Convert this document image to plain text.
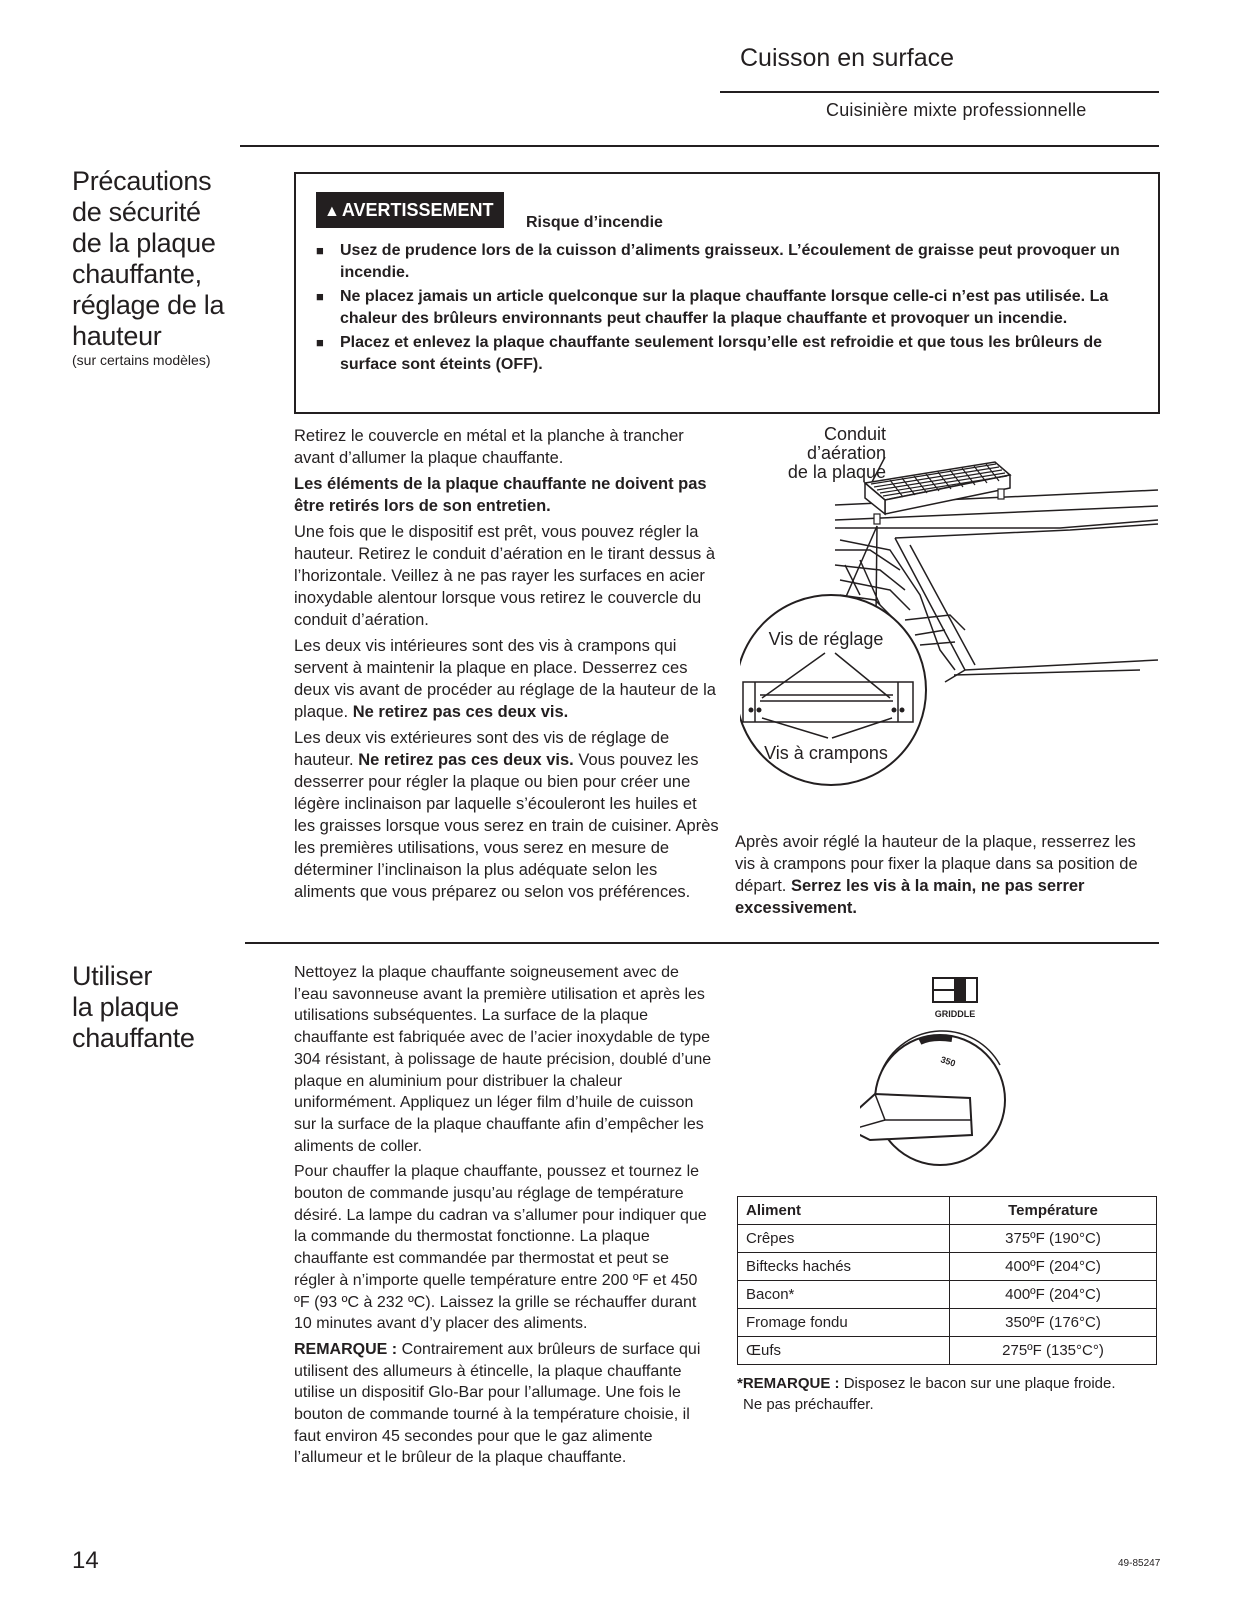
Cuisson en surface
Cuisinière mixte professionnelle
Précautions
de sécurité
de la plaque
chauffante,
réglage de la
hauteur
(sur certains modèles)
▲ AVERTISSEMENT
Risque d’incendie
■ Usez de prudence lors de la cuisson d’aliments graisseux. L’écoulement de graisse peut provoquer un incendie.
■ Ne placez jamais un article quelconque sur la plaque chauffante lorsque celle-ci n’est pas utilisée. La chaleur des brûleurs environnants peut chauffer la plaque chauffante et provoquer un incendie.
■ Placez et enlevez la plaque chauffante seulement lorsqu’elle est refroidie et que tous les brûleurs de surface sont éteints (OFF).

Retirez le couvercle en métal et la planche à trancher avant d’allumer la plaque chauffante.

Les éléments de la plaque chauffante ne doivent pas être retirés lors de son entretien.

Une fois que le dispositif est prêt, vous pouvez régler la hauteur. Retirez le conduit d’aération en le tirant dessus à l’horizontale. Veillez à ne pas rayer les surfaces en acier inoxydable alentour lorsque vous retirez le couvercle du conduit d’aération.

Les deux vis intérieures sont des vis à crampons qui servent à maintenir la plaque en place. Desserrez ces deux vis avant de procéder au réglage de la hauteur de la plaque. Ne retirez pas ces deux vis.

Les deux vis extérieures sont des vis de réglage de hauteur. Ne retirez pas ces deux vis. Vous pouvez les desserrer pour régler la plaque ou bien pour créer une légère inclinaison par laquelle s’écouleront les huiles et les graisses lorsque vous serez en train de cuisiner. Après les premières utilisations, vous serez en mesure de déterminer l’inclinaison la plus adéquate selon les aliments que vous préparez ou selon vos préférences.

Conduit
d’aération
de la plaque
Vis de réglage
Vis à crampons
Après avoir réglé la hauteur de la plaque, resserrez les vis à crampons pour fixer la plaque dans sa position de départ. Serrez les vis à la main, ne pas serrer excessivement.
Utiliser
la plaque
chauffante

Nettoyez la plaque chauffante soigneusement avec de l’eau savonneuse avant la première utilisation et après les utilisations subséquentes. La surface de la plaque chauffante est fabriquée avec de l’acier inoxydable de type 304 résistant, à polissage de haute précision, doublé d’une plaque en aluminium pour distribuer la chaleur uniformément. Appliquez un léger film d’huile de cuisson sur la surface de la plaque chauffante afin d’empêcher les aliments de coller.

Pour chauffer la plaque chauffante, poussez et tournez le bouton de commande jusqu’au réglage de température désiré. La lampe du cadran va s’allumer pour indiquer que la commande du thermostat fonctionne. La plaque chauffante est commandée par thermostat et peut se régler à n’importe quelle température entre 200 ºF et 450 ºF (93 ºC à 232 ºC). Laissez la grille se réchauffer durant 10 minutes avant d’y placer des aliments.

REMARQUE : Contrairement aux brûleurs de surface qui utilisent des allumeurs à étincelle, la plaque chauffante utilise un dispositif Glo-Bar pour l’allumage. Une fois le bouton de commande tourné à la température choisie, il faut environ 45 secondes pour que le gaz alimente l’allumeur et le brûleur de la plaque chauffante.

GRIDDLE
350
Aliment	Température
Crêpes	375ºF (190°C)
Biftecks hachés	400ºF (204°C)
Bacon*	400ºF (204°C)
Fromage fondu	350ºF (176°C)
Œufs	275ºF (135°C°)
*REMARQUE : Disposez le bacon sur une plaque froide.
Ne pas préchauffer.
14	49-85247
